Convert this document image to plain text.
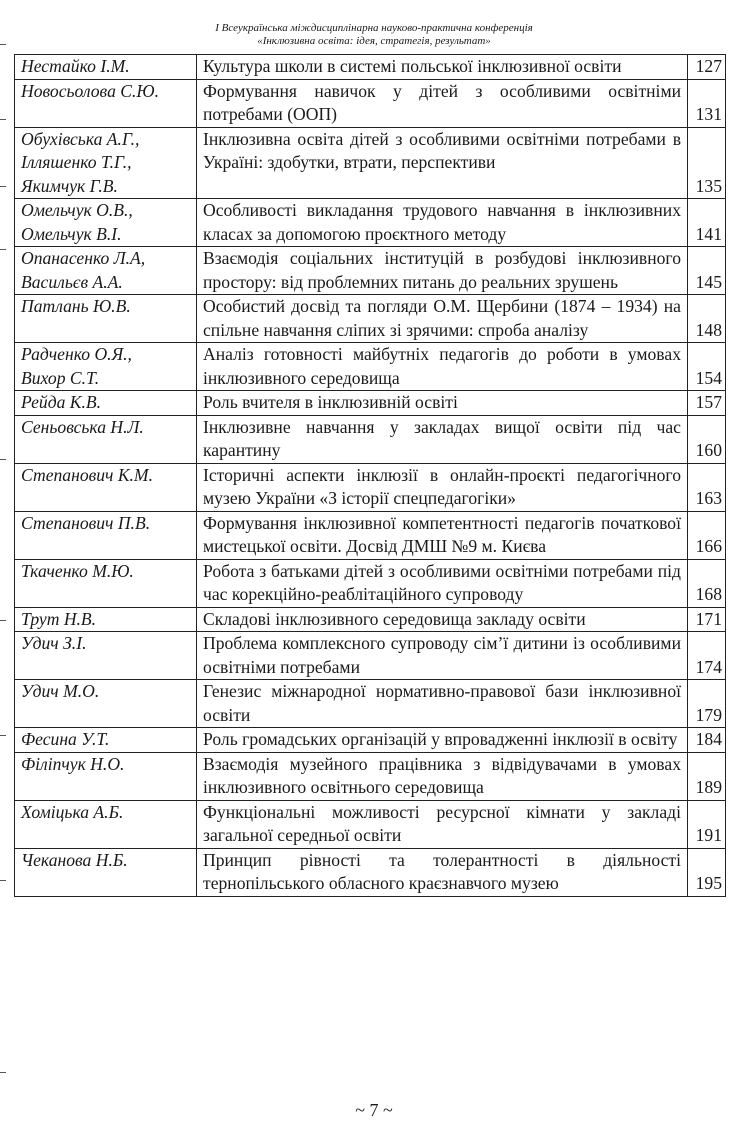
І Всеукраїнська міждисциплінарна науково-практична конференція
«Інклюзивна освіта: ідея, стратегія, результат»
Нестайко І.М.	Культура школи в системі польської інклюзивної освіти	127
Новосьолова С.Ю.	Формування навичок у дітей з особливими освітніми потребами (ООП)	131
Обухівська А.Г.,
Ілляшенко Т.Г.,
Якимчук Г.В.	Інклюзивна освіта дітей з особливими освітніми потребами в Україні: здобутки, втрати, перспективи	135
Омельчук О.В.,
Омельчук В.І.	Особливості викладання трудового навчання в інклюзивних класах за допомогою проєктного методу	141
Опанасенко Л.А,
Васильєв А.А.	Взаємодія соціальних інституцій в розбудові інклюзивного простору: від проблемних питань до реальних зрушень	145
Патлань Ю.В.	Особистий досвід та погляди О.М. Щербини (1874 – 1934) на спільне навчання сліпих зі зрячими: спроба аналізу	148
Радченко О.Я.,
Вихор С.Т.	Аналіз готовності майбутніх педагогів до роботи в умовах інклюзивного середовища	154
Рейда К.В.	Роль вчителя в інклюзивній освіті	157
Сеньовська Н.Л.	Інклюзивне навчання у закладах вищої освіти під час карантину	160
Степанович К.М.	Історичні аспекти інклюзії в онлайн-проєкті педагогічного музею України «З історії спецпедагогіки»	163
Степанович П.В.	Формування інклюзивної компетентності педагогів початкової мистецької освіти. Досвід ДМШ №9 м. Києва	166
Ткаченко М.Ю.	Робота з батьками дітей з особливими освітніми потребами під час корекційно-реаблітаційного супроводу	168
Трут Н.В.	Складові інклюзивного середовища закладу освіти	171
Удич З.І.	Проблема комплексного супроводу сім’ї дитини із особливими освітніми потребами	174
Удич М.О.	Генезис міжнародної нормативно-правової бази інклюзивної освіти	179
Фесина У.Т.	Роль громадських організацій у впровадженні інклюзії в освіту	184
Філіпчук Н.О.	Взаємодія музейного працівника з відвідувачами в умовах інклюзивного освітнього середовища	189
Хоміцька А.Б.	Функціональні можливості ресурсної кімнати у закладі загальної середньої освіти	191
Чеканова Н.Б.	Принцип рівності та толерантності в діяльності тернопільського обласного краєзнавчого музею	195
~ 7 ~
